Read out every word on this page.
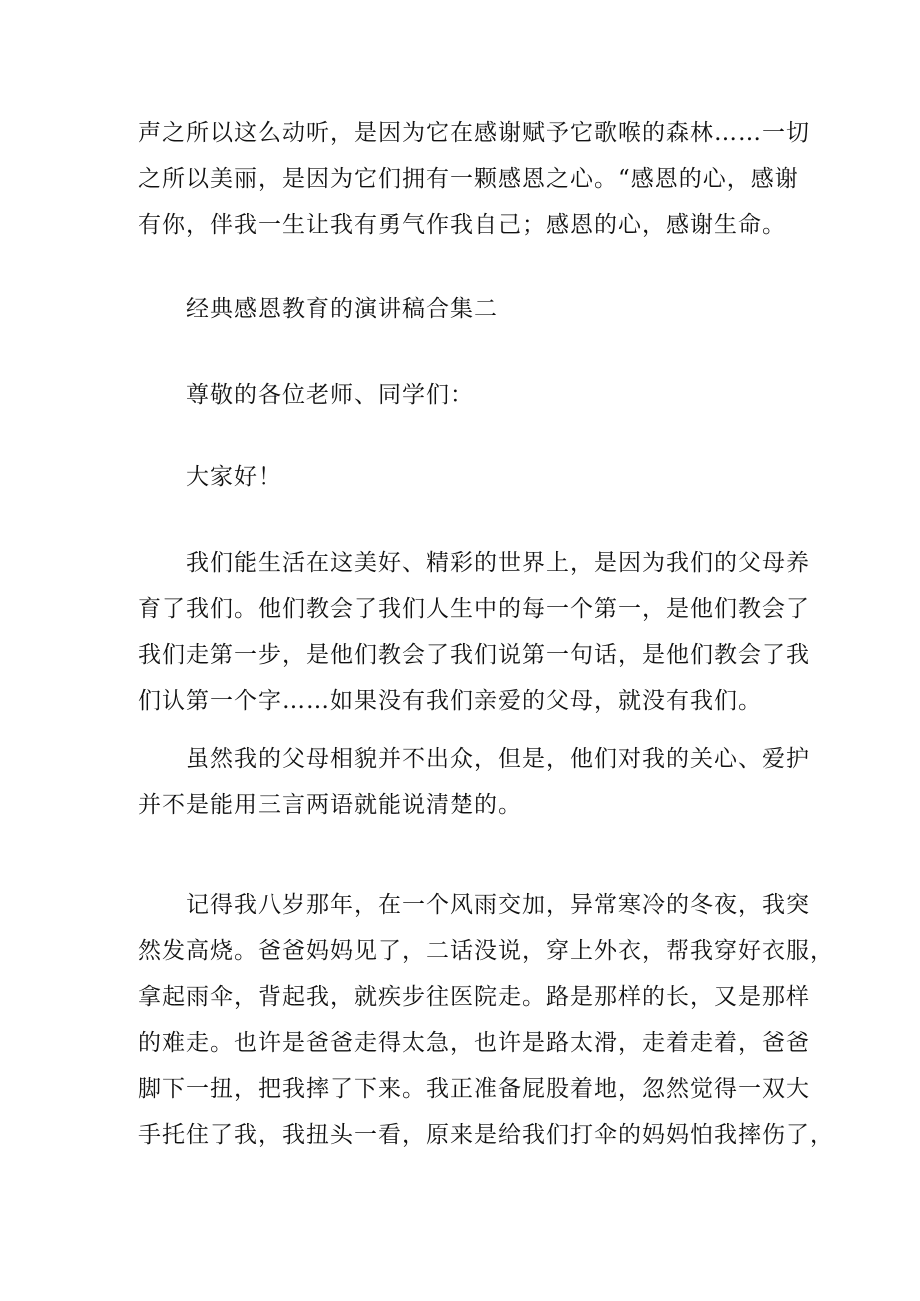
声之所以这么动听，是因为它在感谢赋予它歌喉的森林……一切
之所以美丽，是因为它们拥有一颗感恩之心。“感恩的心，感谢
有你，伴我一生让我有勇气作我自己；感恩的心，感谢生命。
经典感恩教育的演讲稿合集二
尊敬的各位老师、同学们：
大家好！
我们能生活在这美好、精彩的世界上，是因为我们的父母养
育了我们。他们教会了我们人生中的每一个第一，是他们教会了
我们走第一步，是他们教会了我们说第一句话，是他们教会了我
们认第一个字……如果没有我们亲爱的父母，就没有我们。
虽然我的父母相貌并不出众，但是，他们对我的关心、爱护
并不是能用三言两语就能说清楚的。
记得我八岁那年，在一个风雨交加，异常寒冷的冬夜，我突
然发高烧。爸爸妈妈见了，二话没说，穿上外衣，帮我穿好衣服，
拿起雨伞，背起我，就疾步往医院走。路是那样的长，又是那样
的难走。也许是爸爸走得太急，也许是路太滑，走着走着，爸爸
脚下一扭，把我摔了下来。我正准备屁股着地，忽然觉得一双大
手托住了我，我扭头一看，原来是给我们打伞的妈妈怕我摔伤了，
